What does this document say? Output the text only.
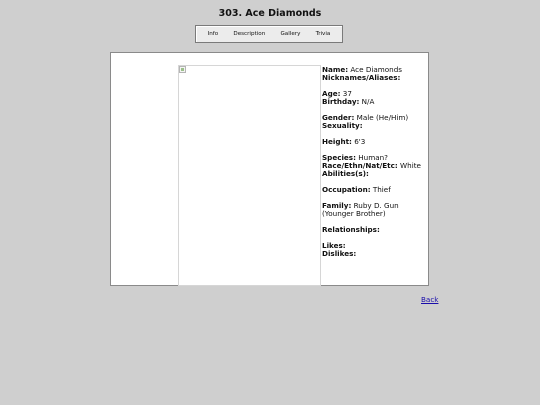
303. Ace Diamonds
Info	Description	Gallery	Trivia
Name: Ace Diamonds
Nicknames/Aliases:
Age: 37
Birthday: N/A
Gender: Male (He/Him)
Sexuality:
Height: 6'3
Species: Human?
Race/Ethn/Nat/Etc: White
Abilities(s):
Occupation: Thief
Family: Ruby D. Gun (Younger Brother)
Relationships:
Likes:
Dislikes:
Back
